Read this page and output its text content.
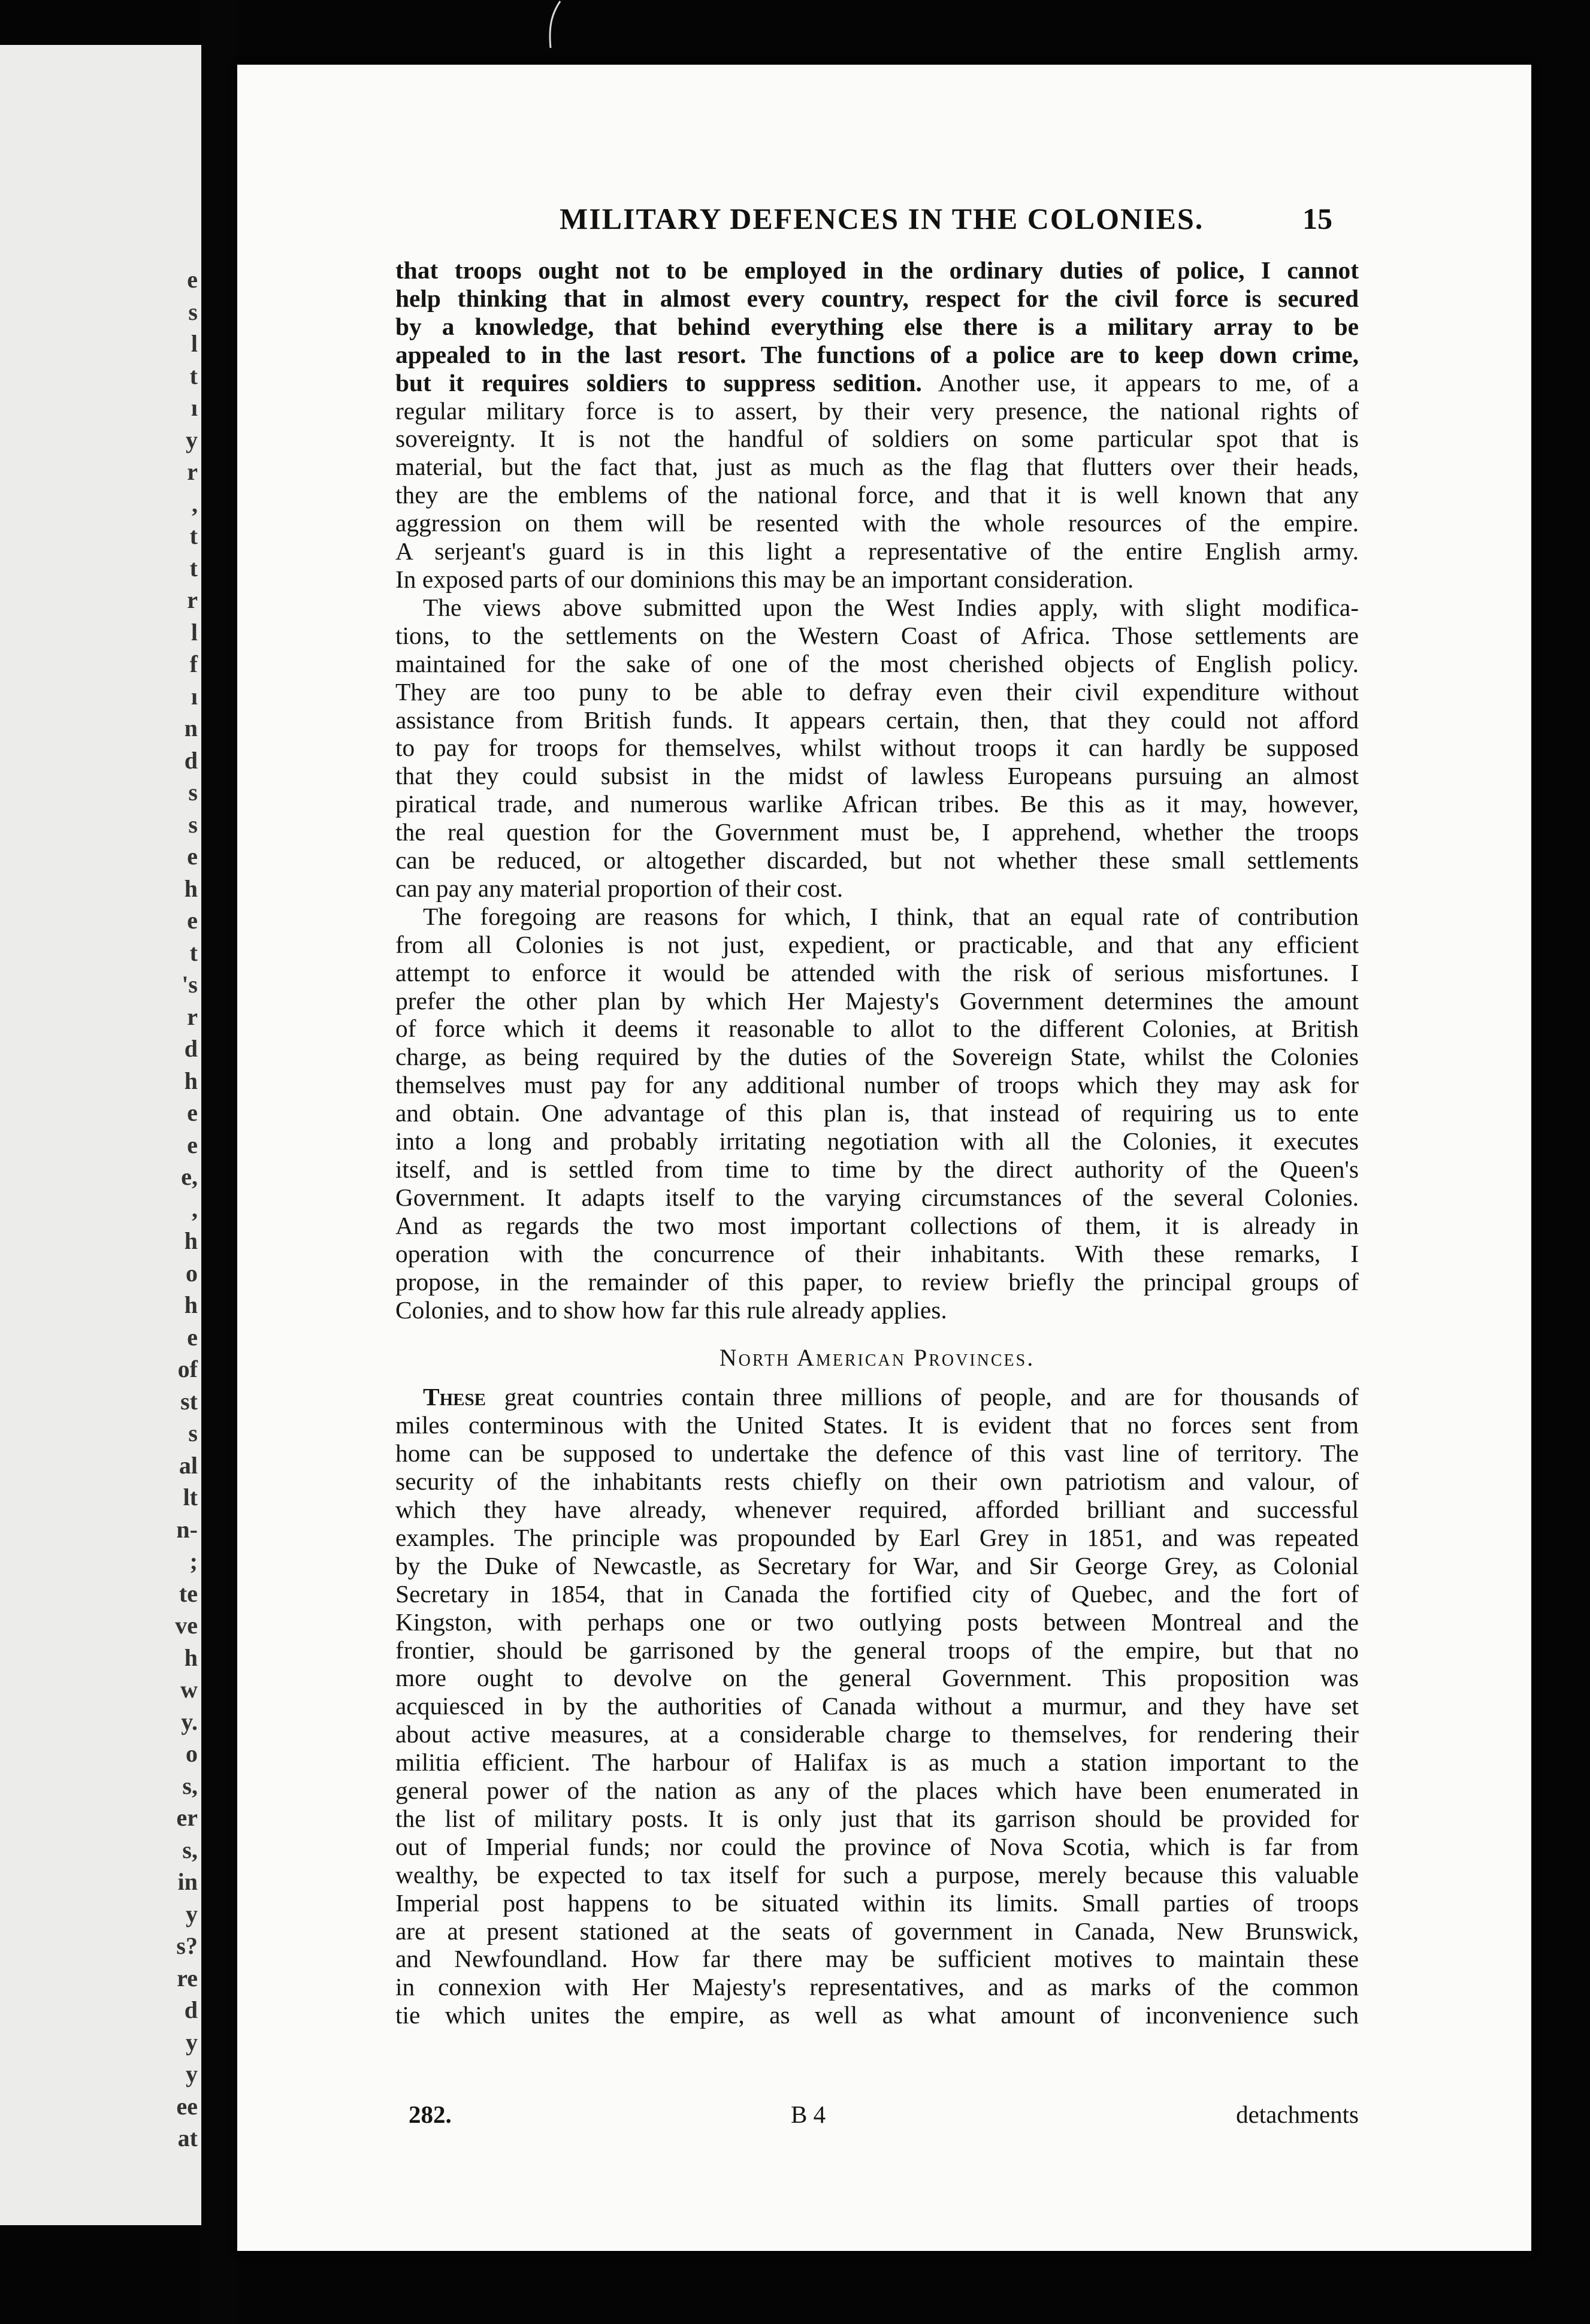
e
s
l
t
ı
y
r
,
t
t
r
l
f
ı
n
d
s
s
e
h
e
t
's
r
d
h
e
e
e,
,
h
o
h
e
of
st
s
al
lt
n-
;
te
ve
h
w
y.
o
s,
er
s,
in
y
s?
re
d
y
y
ee
at
MILITARY DEFENCES IN THE COLONIES.	15
that troops ought not to be employed in the ordinary duties of police, I cannot
help thinking that in almost every country, respect for the civil force is secured
by a knowledge, that behind everything else there is a military array to be
appealed to in the last resort. The functions of a police are to keep down crime,
but it requires soldiers to suppress sedition. Another use, it appears to me, of a
regular military force is to assert, by their very presence, the national rights of
sovereignty. It is not the handful of soldiers on some particular spot that is
material, but the fact that, just as much as the flag that flutters over their heads,
they are the emblems of the national force, and that it is well known that any
aggression on them will be resented with the whole resources of the empire.
A serjeant's guard is in this light a representative of the entire English army.
In exposed parts of our dominions this may be an important consideration.
The views above submitted upon the West Indies apply, with slight modifica-
tions, to the settlements on the Western Coast of Africa. Those settlements are
maintained for the sake of one of the most cherished objects of English policy.
They are too puny to be able to defray even their civil expenditure without
assistance from British funds. It appears certain, then, that they could not afford
to pay for troops for themselves, whilst without troops it can hardly be supposed
that they could subsist in the midst of lawless Europeans pursuing an almost
piratical trade, and numerous warlike African tribes. Be this as it may, however,
the real question for the Government must be, I apprehend, whether the troops
can be reduced, or altogether discarded, but not whether these small settlements
can pay any material proportion of their cost.
The foregoing are reasons for which, I think, that an equal rate of contribution
from all Colonies is not just, expedient, or practicable, and that any efficient
attempt to enforce it would be attended with the risk of serious misfortunes. I
prefer the other plan by which Her Majesty's Government determines the amount
of force which it deems it reasonable to allot to the different Colonies, at British
charge, as being required by the duties of the Sovereign State, whilst the Colonies
themselves must pay for any additional number of troops which they may ask for
and obtain. One advantage of this plan is, that instead of requiring us to ente
into a long and probably irritating negotiation with all the Colonies, it executes
itself, and is settled from time to time by the direct authority of the Queen's
Government. It adapts itself to the varying circumstances of the several Colonies.
And as regards the two most important collections of them, it is already in
operation with the concurrence of their inhabitants. With these remarks, I
propose, in the remainder of this paper, to review briefly the principal groups of
Colonies, and to show how far this rule already applies.
North American Provinces.
These great countries contain three millions of people, and are for thousands of
miles conterminous with the United States. It is evident that no forces sent from
home can be supposed to undertake the defence of this vast line of territory. The
security of the inhabitants rests chiefly on their own patriotism and valour, of
which they have already, whenever required, afforded brilliant and successful
examples. The principle was propounded by Earl Grey in 1851, and was repeated
by the Duke of Newcastle, as Secretary for War, and Sir George Grey, as Colonial
Secretary in 1854, that in Canada the fortified city of Quebec, and the fort of
Kingston, with perhaps one or two outlying posts between Montreal and the
frontier, should be garrisoned by the general troops of the empire, but that no
more ought to devolve on the general Government. This proposition was
acquiesced in by the authorities of Canada without a murmur, and they have set
about active measures, at a considerable charge to themselves, for rendering their
militia efficient. The harbour of Halifax is as much a station important to the
general power of the nation as any of the places which have been enumerated in
the list of military posts. It is only just that its garrison should be provided for
out of Imperial funds; nor could the province of Nova Scotia, which is far from
wealthy, be expected to tax itself for such a purpose, merely because this valuable
Imperial post happens to be situated within its limits. Small parties of troops
are at present stationed at the seats of government in Canada, New Brunswick,
and Newfoundland. How far there may be sufficient motives to maintain these
in connexion with Her Majesty's representatives, and as marks of the common
tie which unites the empire, as well as what amount of inconvenience such
282.	B 4	detachments
